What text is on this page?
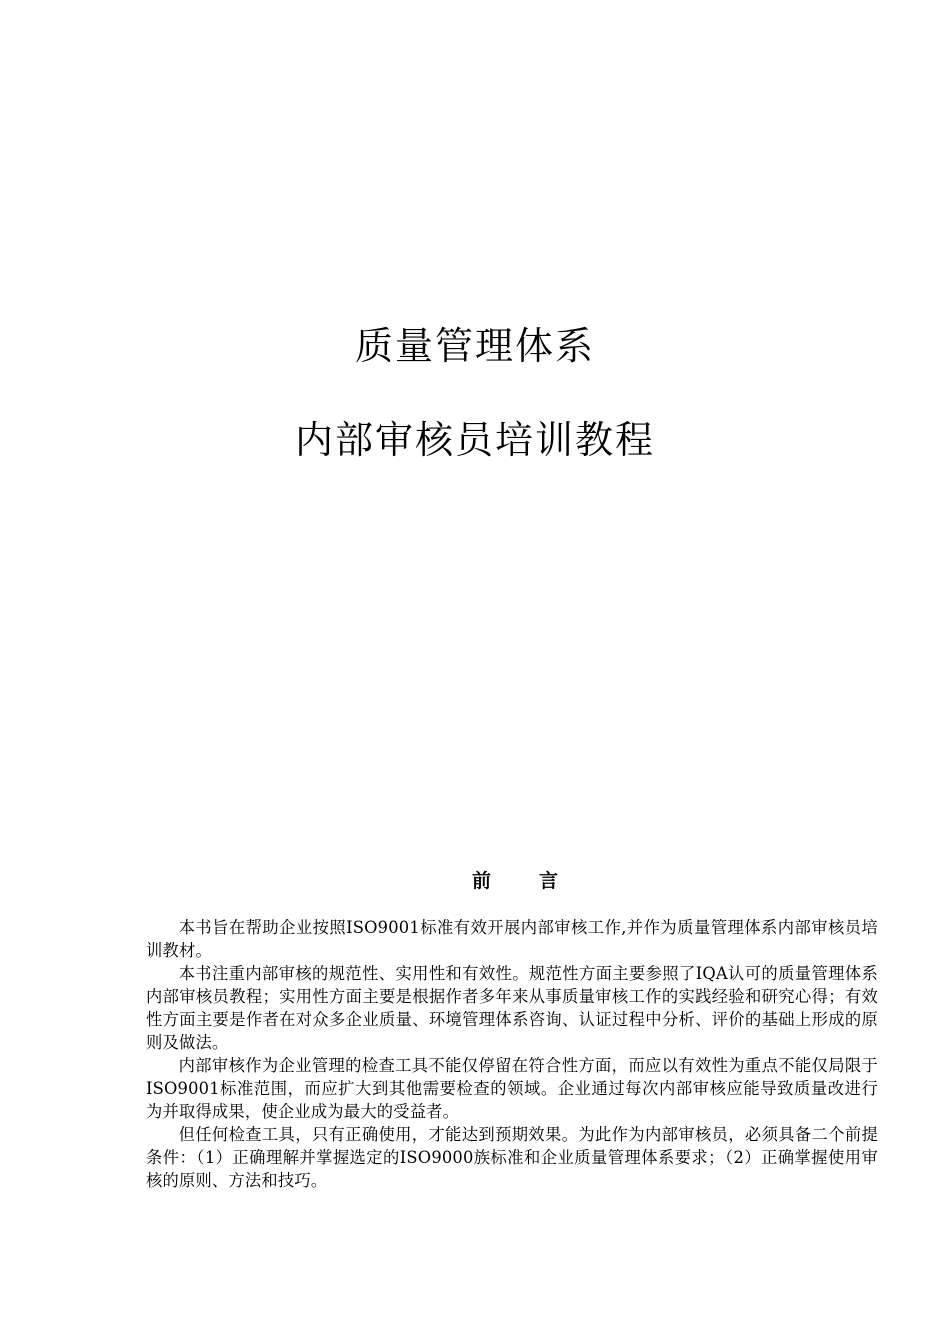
质量管理体系
内部审核员培训教程
前	言

本书旨在帮助企业按照ISO9001标准有效开展内部审核工作,并作为质量管理体系内部审核员培训教材。

本书注重内部审核的规范性、实用性和有效性。规范性方面主要参照了IQA认可的质量管理体系内部审核员教程；实用性方面主要是根据作者多年来从事质量审核工作的实践经验和研究心得；有效性方面主要是作者在对众多企业质量、环境管理体系咨询、认证过程中分析、评价的基础上形成的原则及做法。

内部审核作为企业管理的检查工具不能仅停留在符合性方面，而应以有效性为重点不能仅局限于ISO9001标准范围，而应扩大到其他需要检查的领域。企业通过每次内部审核应能导致质量改进行为并取得成果，使企业成为最大的受益者。

但任何检查工具，只有正确使用，才能达到预期效果。为此作为内部审核员，必须具备二个前提条件：（1）正确理解并掌握选定的ISO9000族标准和企业质量管理体系要求；（2）正确掌握使用审核的原则、方法和技巧。
